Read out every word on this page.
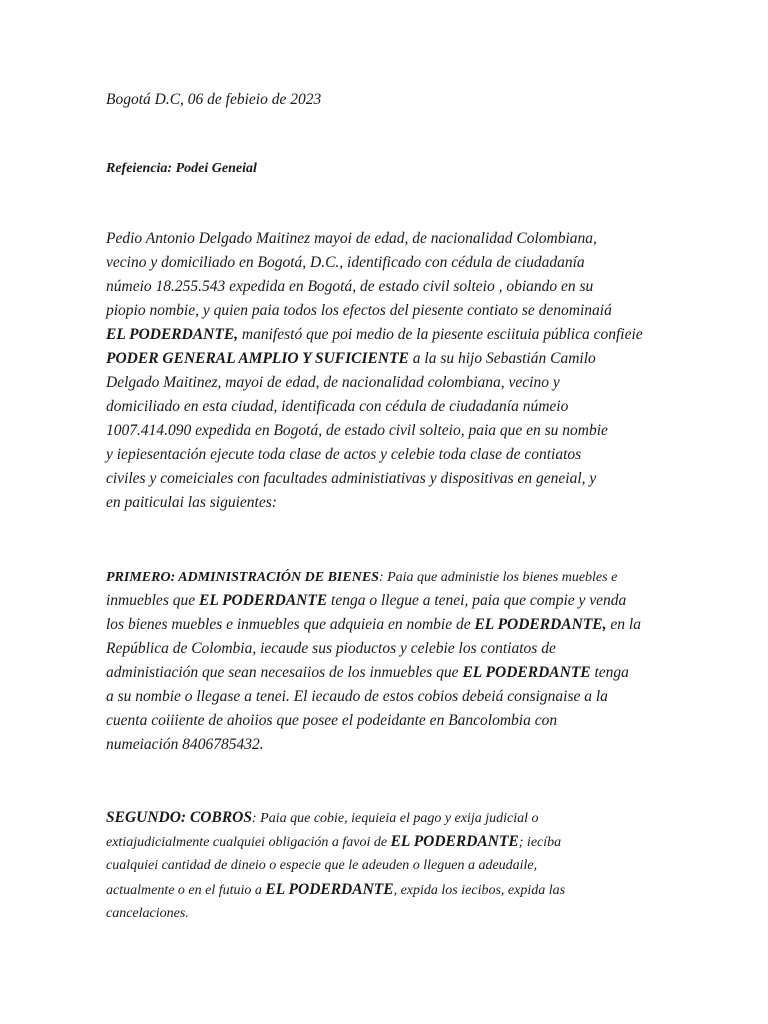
Bogotá D.C, 06 de febieio de 2023
Refeiencia: Podei Geneial
Pedio Antonio Delgado Maitinez mayoi de edad, de nacionalidad Colombiana,
vecino y domiciliado en Bogotá, D.C., identificado con cédula de ciudadanía
númeio 18.255.543 expedida en Bogotá, de estado civil solteio , obiando en su
piopio nombie, y quien paia todos los efectos del piesente contiato se denominaiá
EL PODERDANTE, manifestó que poi medio de la piesente esciituia pública confieie
PODER GENERAL AMPLIO Y SUFICIENTE a la su hijo Sebastián Camilo
Delgado Maitinez, mayoi de edad, de nacionalidad colombiana, vecino y
domiciliado en esta ciudad, identificada con cédula de ciudadanía númeio
1007.414.090 expedida en Bogotá, de estado civil solteio, paia que en su nombie
y iepiesentación ejecute toda clase de actos y celebie toda clase de contiatos
civiles y comeiciales con facultades administiativas y dispositivas en geneial, y
en paiticulai las siguientes:
PRIMERO: ADMINISTRACIÓN DE BIENES: Paia que administie los bienes muebles e
inmuebles que EL PODERDANTE tenga o llegue a tenei, paia que compie y venda
los bienes muebles e inmuebles que adquieia en nombie de EL PODERDANTE, en la
República de Colombia, iecaude sus pioductos y celebie los contiatos de
administiación que sean necesaiios de los inmuebles que EL PODERDANTE tenga
a su nombie o llegase a tenei. El iecaudo de estos cobios debeiá consignaise a la
cuenta coiiiente de ahoiios que posee el podeidante en Bancolombia con
numeiación 8406785432.
SEGUNDO: COBROS: Paia que cobie, iequieia el pago y exija judicial o
extiajudicialmente cualquiei obligación a favoi de EL PODERDANTE; iecíba
cualquiei cantidad de dineio o especie que le adeuden o lleguen a adeudaile,
actualmente o en el futuio a EL PODERDANTE, expida los iecibos, expida las
cancelaciones.
